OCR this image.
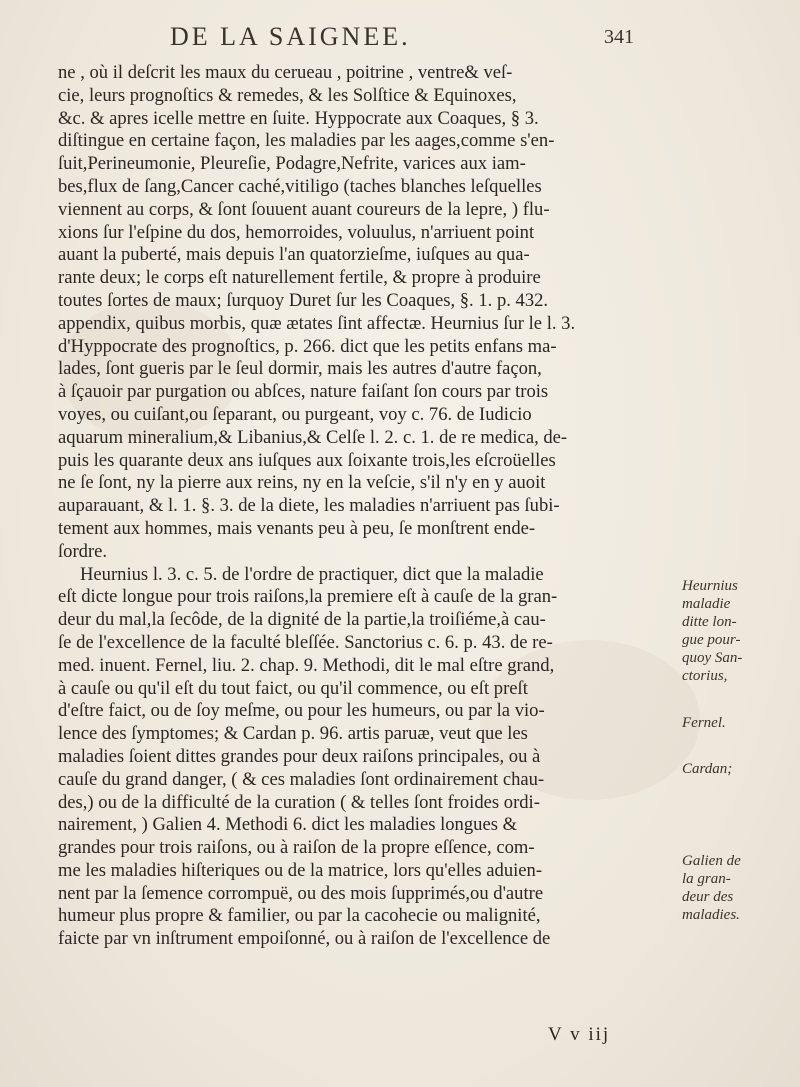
DE LA SAIGNEE.	341
ne , où il deſcrit les maux du cerueau , poitrine , ventre& veſ-
cie, leurs prognoſtics & remedes, & les Solſtice & Equinoxes,
&c. & apres icelle mettre en ſuite. Hyppocrate aux Coaques, § 3.
diſtingue en certaine façon, les maladies par les aages,comme s'en-
ſuit,Perineumonie, Pleureſie, Podagre,Nefrite, varices aux iam-
bes,flux de ſang,Cancer caché,vitiligo (taches blanches leſquelles
viennent au corps, & ſont ſouuent auant coureurs de la lepre, ) flu-
xions ſur l'eſpine du dos, hemorroides, voluulus, n'arriuent point
auant la puberté, mais depuis l'an quatorzieſme, iuſques au qua-
rante deux; le corps eſt naturellement fertile, & propre à produire
toutes ſortes de maux; ſurquoy Duret ſur les Coaques, §. 1. p. 432.
appendix, quibus morbis, quæ ætates ſint affectæ. Heurnius ſur le l. 3.
d'Hyppocrate des prognoſtics, p. 266. dict que les petits enfans ma-
lades, ſont gueris par le ſeul dormir, mais les autres d'autre façon,
à ſçauoir par purgation ou abſces, nature faiſant ſon cours par trois
voyes, ou cuiſant,ou ſeparant, ou purgeant, voy c. 76. de Iudicio
aquarum mineralium,& Libanius,& Celſe l. 2. c. 1. de re medica, de-
puis les quarante deux ans iuſques aux ſoixante trois,les eſcroüelles
ne ſe ſont, ny la pierre aux reins, ny en la veſcie, s'il n'y en y auoit
auparauant, & l. 1. §. 3. de la diete, les maladies n'arriuent pas ſubi-
tement aux hommes, mais venants peu à peu, ſe monſtrent ende-
ſordre.
Heurnius l. 3. c. 5. de l'ordre de practiquer, dict que la maladie
eſt dicte longue pour trois raiſons,la premiere eſt à cauſe de la gran-
deur du mal,la ſecôde, de la dignité de la partie,la troiſiéme,à cau-
ſe de l'excellence de la faculté bleſſée. Sanctorius c. 6. p. 43. de re-
med. inuent. Fernel, liu. 2. chap. 9. Methodi, dit le mal eſtre grand,
à cauſe ou qu'il eſt du tout faict, ou qu'il commence, ou eſt preſt
d'eſtre faict, ou de ſoy meſme, ou pour les humeurs, ou par la vio-
lence des ſymptomes; & Cardan p. 96. artis paruæ, veut que les
maladies ſoient dittes grandes pour deux raiſons principales, ou à
cauſe du grand danger, ( & ces maladies ſont ordinairement chau-
des,) ou de la difficulté de la curation ( & telles ſont froides ordi-
nairement, ) Galien 4. Methodi 6. dict les maladies longues &
grandes pour trois raiſons, ou à raiſon de la propre eſſence, com-
me les maladies hiſteriques ou de la matrice, lors qu'elles aduien-
nent par la ſemence corrompuë, ou des mois ſupprimés,ou d'autre
humeur plus propre & familier, ou par la cacohecie ou malignité,
faicte par vn inſtrument empoiſonné, ou à raiſon de l'excellence de
Heurnius
maladie
ditte lon-
gue pour-
quoy San-
ctorius,
Fernel.
Cardan;
Galien de
la gran-
deur des
maladies.
V v iij
